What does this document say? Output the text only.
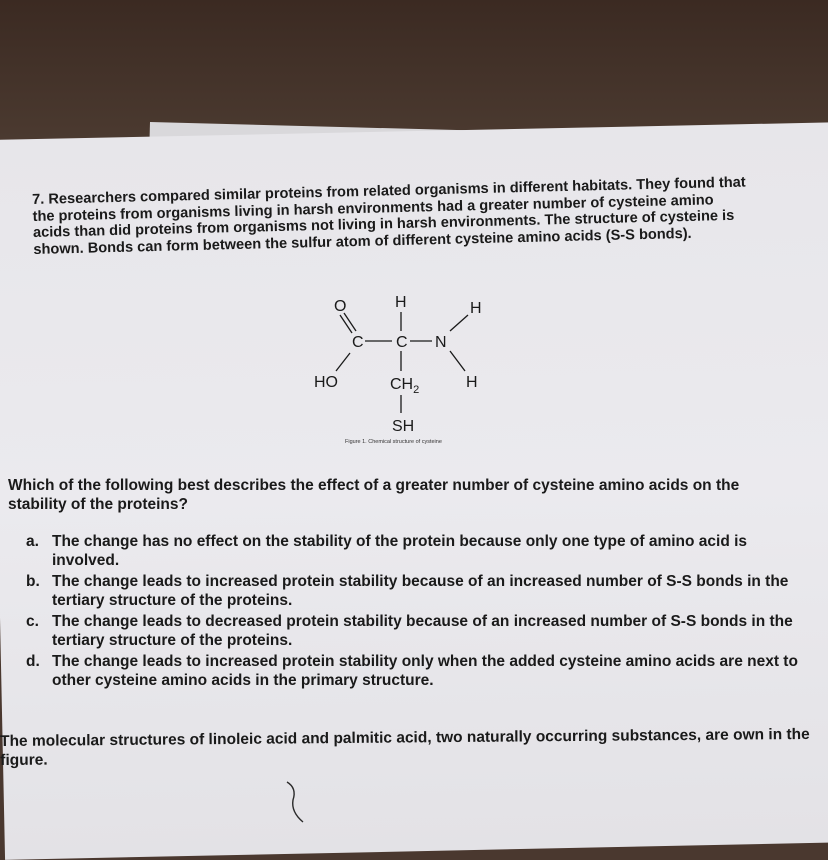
7. Researchers compared similar proteins from related organisms in different habitats. They found that the proteins from organisms living in harsh environments had a greater number of cysteine amino acids than did proteins from organisms not living in harsh environments. The structure of cysteine is shown. Bonds can form between the sulfur atom of different cysteine amino acids (S-S bonds).
O	H	H
C C N
HO	$CH_2$	H
SH
Figure 1. Chemical structure of cysteine
Which of the following best describes the effect of a greater number of cysteine amino acids on the stability of the proteins?
a. The change has no effect on the stability of the protein because only one type of amino acid is involved.
b. The change leads to increased protein stability because of an increased number of S-S bonds in the tertiary structure of the proteins.
c. The change leads to decreased protein stability because of an increased number of S-S bonds in the tertiary structure of the proteins.
d. The change leads to increased protein stability only when the added cysteine amino acids are next to other cysteine amino acids in the primary structure.
The molecular structures of linoleic acid and palmitic acid, two naturally occurring substances, are own in the figure.
